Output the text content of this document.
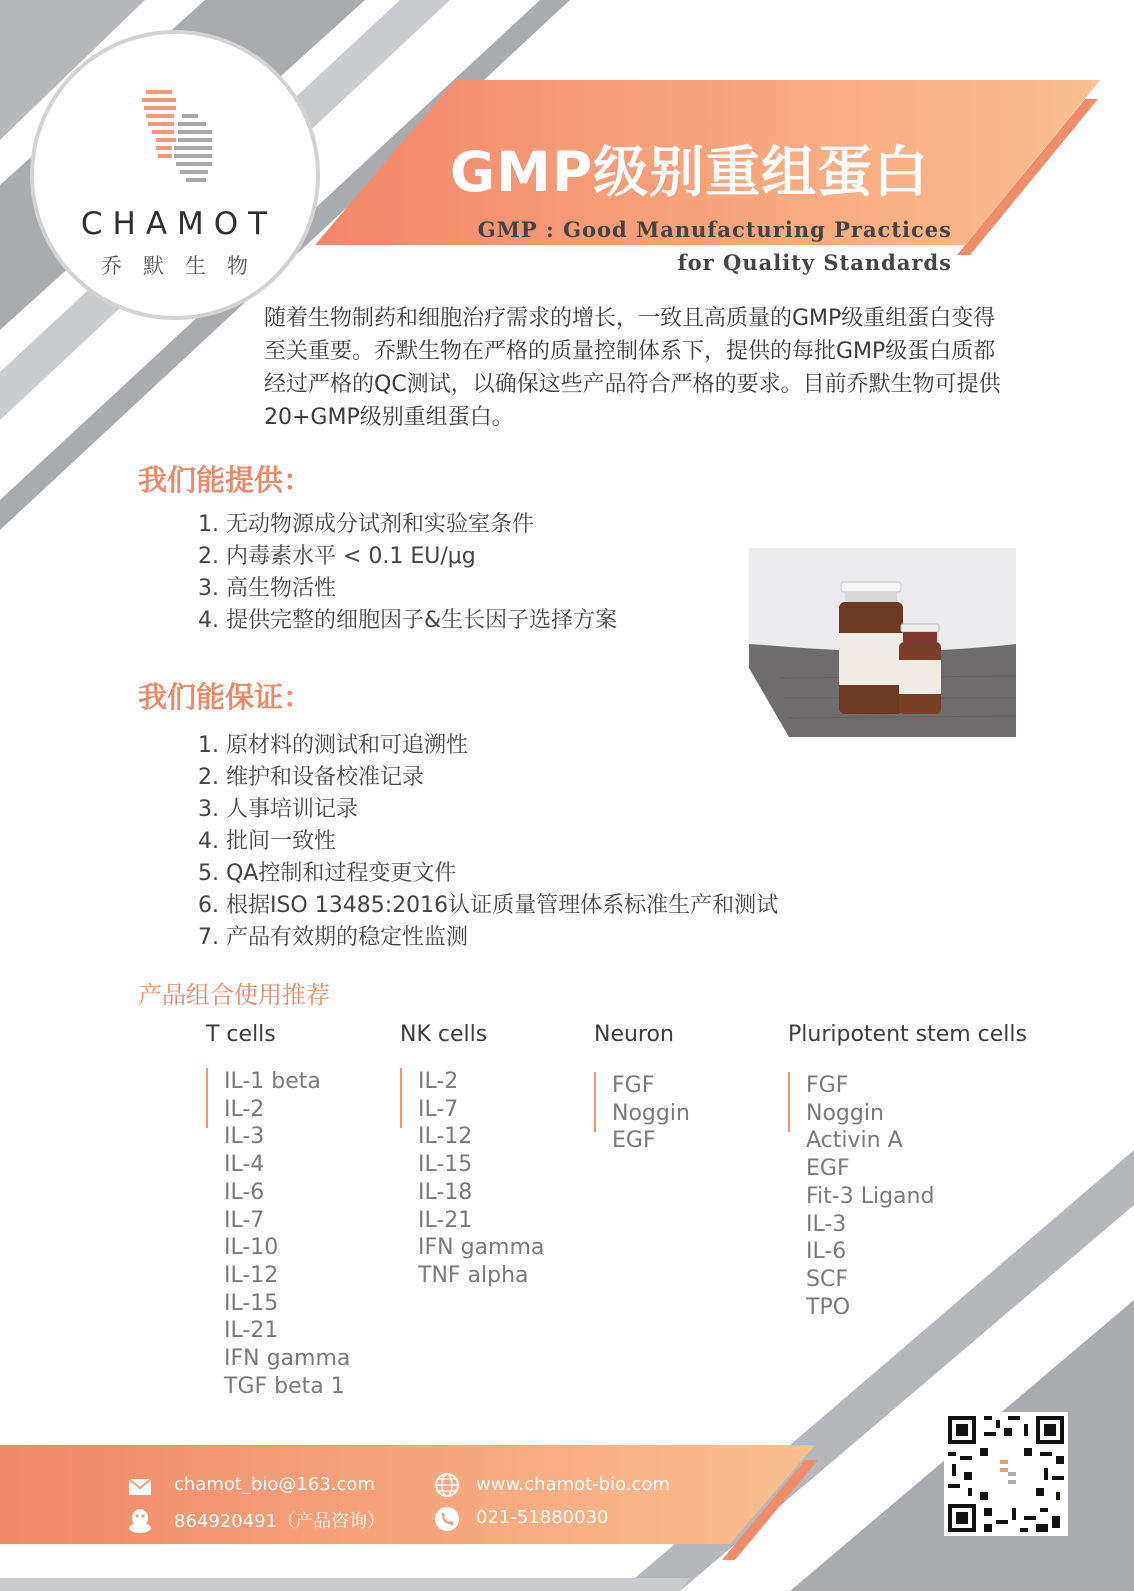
CHAMOT
乔默生物
GMP级别重组蛋白
GMP : Good Manufacturing Practices
for Quality Standards
随着生物制药和细胞治疗需求的增长，一致且高质量的GMP级重组蛋白变得至关重要。乔默生物在严格的质量控制体系下，提供的每批GMP级蛋白质都经过严格的QC测试，以确保这些产品符合严格的要求。目前乔默生物可提供20+GMP级别重组蛋白。
我们能提供：
1. 无动物源成分试剂和实验室条件
2. 内毒素水平 < 0.1 EU/μg
3. 高生物活性
4. 提供完整的细胞因子&生长因子选择方案
我们能保证：
1. 原材料的测试和可追溯性
2. 维护和设备校准记录
3. 人事培训记录
4. 批间一致性
5. QA控制和过程变更文件
6. 根据ISO 13485:2016认证质量管理体系标准生产和测试
7. 产品有效期的稳定性监测
产品组合使用推荐
T cells
IL-1 beta
IL-2
IL-3
IL-4
IL-6
IL-7
IL-10
IL-12
IL-15
IL-21
IFN gamma
TGF beta 1
NK cells
IL-2
IL-7
IL-12
IL-15
IL-18
IL-21
IFN gamma
TNF alpha
Neuron
FGF
Noggin
EGF
Pluripotent stem cells
FGF
Noggin
Activin A
EGF
Fit-3 Ligand
IL-3
IL-6
SCF
TPO
chamot_bio@163.com	www.chamot-bio.com
864920491（产品咨询）	021-51880030
